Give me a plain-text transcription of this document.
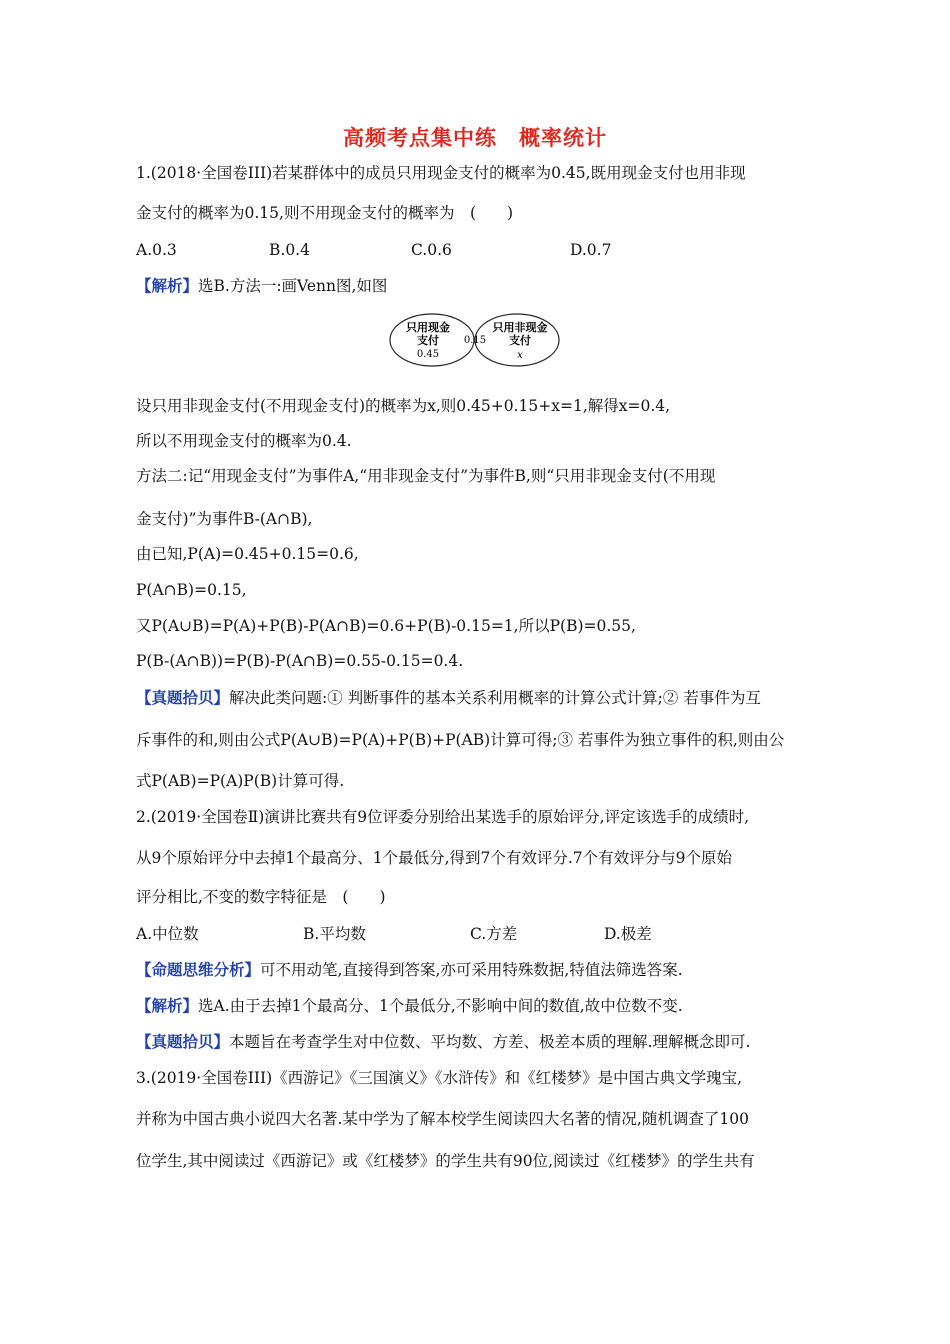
高频考点集中练　概率统计
1.(2018·全国卷III)若某群体中的成员只用现金支付的概率为0.45,既用现金支付也用非现
金支付的概率为0.15,则不用现金支付的概率为　(　　)
A.0.3	B.0.4	C.0.6	D.0.7
【解析】选B.方法一:画Venn图,如图
只用现金
支付
0.45
0.15
只用非现金
支付
x
设只用非现金支付(不用现金支付)的概率为x,则0.45+0.15+x=1,解得x=0.4,
所以不用现金支付的概率为0.4.
方法二:记“用现金支付”为事件A,“用非现金支付”为事件B,则“只用非现金支付(不用现
金支付)”为事件B-(A∩B),
由已知,P(A)=0.45+0.15=0.6,
P(A∩B)=0.15,
又P(A∪B)=P(A)+P(B)-P(A∩B)=0.6+P(B)-0.15=1,所以P(B)=0.55,
P(B-(A∩B))=P(B)-P(A∩B)=0.55-0.15=0.4.
【真题拾贝】解决此类问题:① 判断事件的基本关系利用概率的计算公式计算;② 若事件为互
斥事件的和,则由公式P(A∪B)=P(A)+P(B)+P(AB)计算可得;③ 若事件为独立事件的积,则由公
式P(AB)=P(A)P(B)计算可得.
2.(2019·全国卷Ⅱ)演讲比赛共有9位评委分别给出某选手的原始评分,评定该选手的成绩时,
从9个原始评分中去掉1个最高分、1个最低分,得到7个有效评分.7个有效评分与9个原始
评分相比,不变的数字特征是　(　　)
A.中位数	B.平均数	C.方差	D.极差
【命题思维分析】可不用动笔,直接得到答案,亦可采用特殊数据,特值法筛选答案.
【解析】选A.由于去掉1个最高分、1个最低分,不影响中间的数值,故中位数不变.
【真题拾贝】本题旨在考查学生对中位数、平均数、方差、极差本质的理解.理解概念即可.
3.(2019·全国卷III)《西游记》《三国演义》《水浒传》和《红楼梦》是中国古典文学瑰宝,
并称为中国古典小说四大名著.某中学为了解本校学生阅读四大名著的情况,随机调查了100
位学生,其中阅读过《西游记》或《红楼梦》的学生共有90位,阅读过《红楼梦》的学生共有
